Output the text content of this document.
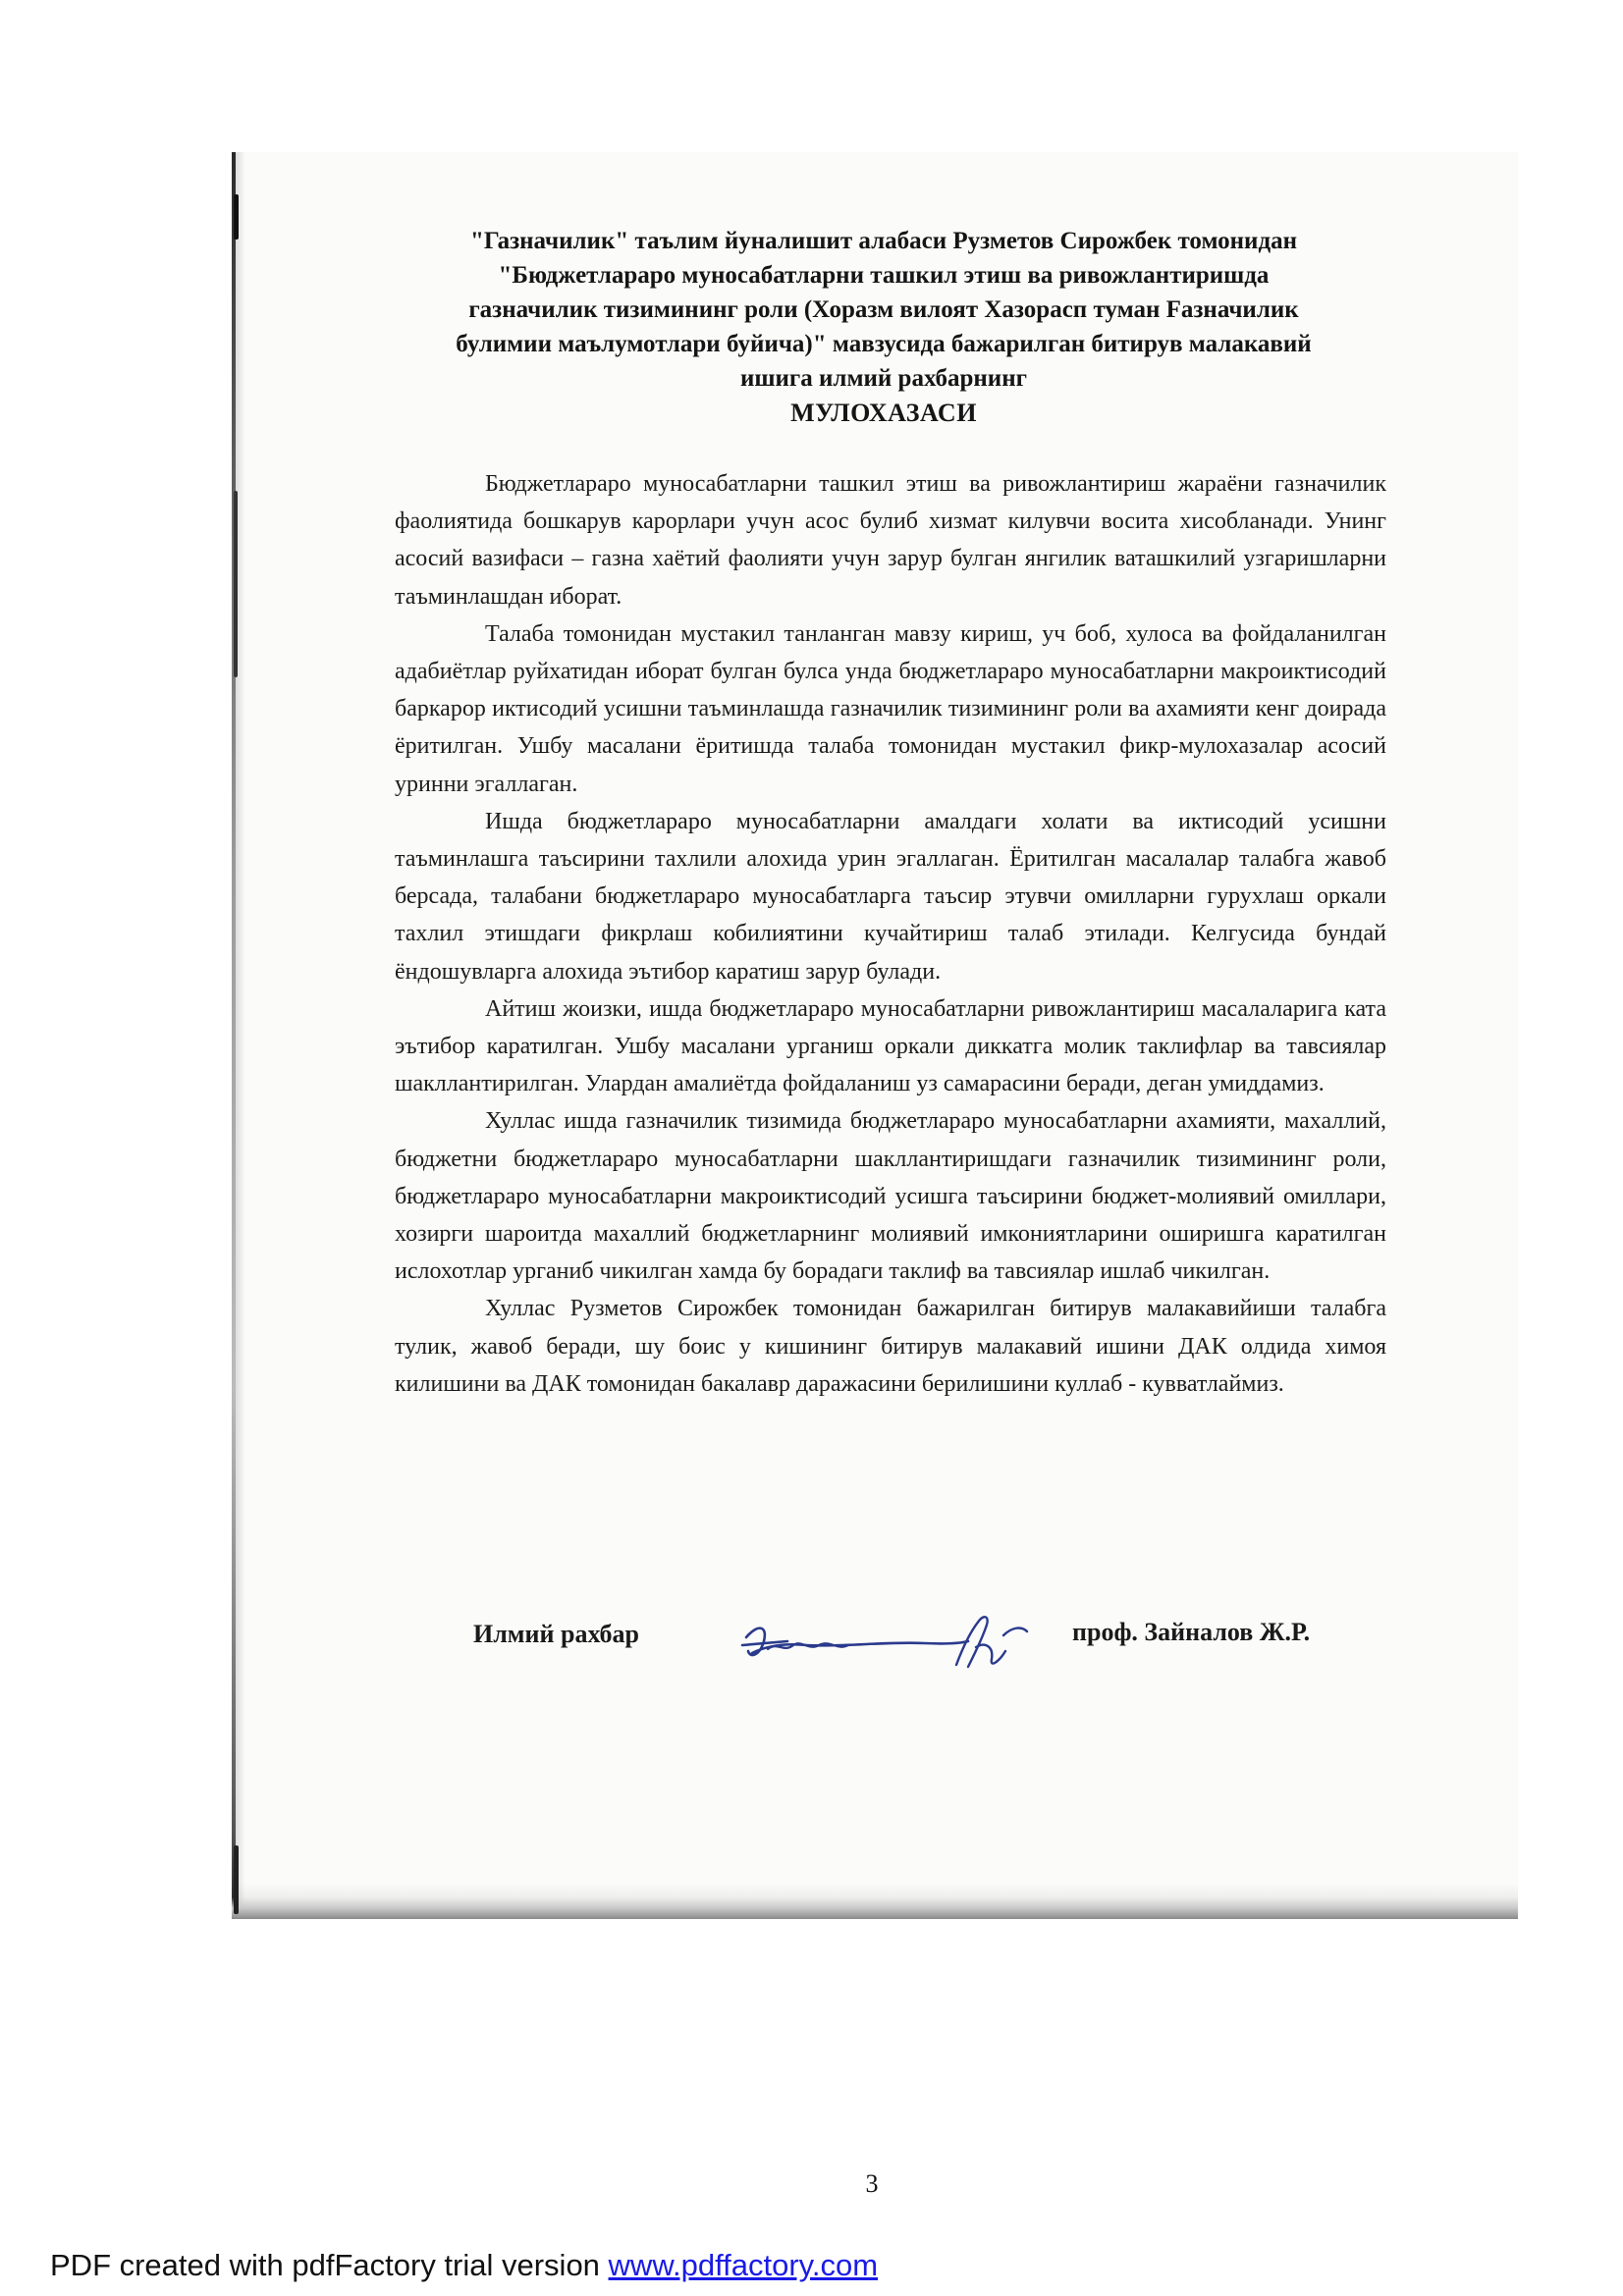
"Газначилик" таълим йуналишит алабаси Рузметов Сирожбек томонидан
"Бюджетлараро муносабатларни ташкил этиш ва ривожлантиришда
газначилик тизимининг роли (Хоразм вилоят Хазорасп туман Fазначилик
булимии маълумотлари буйича)" мавзусида бажарилган битирув малакавий
ишига илмий рахбарнинг
МУЛОХАЗАСИ

Бюджетлараро муносабатларни ташкил этиш ва ривожлантириш жараёни газначилик фаолиятида бошкарув карорлари учун асос булиб хизмат килувчи восита хисобланади. Унинг асосий вазифаси – газна хаётий фаолияти учун зарур булган янгилик ваташкилий узгаришларни таъминлашдан иборат.

Талаба томонидан мустакил танланган мавзу кириш, уч боб, хулоса ва фойдаланилган адабиётлар руйхатидан иборат булган булса унда бюджетлараро муносабатларни макроиктисодий баркарор иктисодий усишни таъминлашда газначилик тизимининг роли ва ахамияти кенг доирада ёритилган. Ушбу масалани ёритишда талаба томонидан мустакил фикр-мулохазалар асосий уринни эгаллаган.

Ишда бюджетлараро муносабатларни амалдаги холати ва иктисодий усишни таъминлашга таъсирини тахлили алохида урин эгаллаган. Ёритилган масалалар талабга жавоб берсада, талабани бюджетлараро муносабатларга таъсир этувчи омилларни гурухлаш оркали тахлил этишдаги фикрлаш кобилиятини кучайтириш талаб этилади. Келгусида бундай ёндошувларга алохида эътибор каратиш зарур булади.

Айтиш жоизки, ишда бюджетлараро муносабатларни ривожлантириш масалаларига ката эътибор каратилган. Ушбу масалани урганиш оркали диккатга молик таклифлар ва тавсиялар шакллантирилган. Улардан амалиётда фойдаланиш уз самарасини беради, деган умиддамиз.

Хуллас ишда газначилик тизимида бюджетлараро муносабатларни ахамияти, махаллий, бюджетни бюджетлараро муносабатларни шакллантиришдаги газначилик тизимининг роли, бюджетлараро муносабатларни макроиктисодий усишга таъсирини бюджет-молиявий омиллари, хозирги шароитда махаллий бюджетларнинг молиявий имкониятларини оширишга каратилган ислохотлар урганиб чикилган хамда бу борадаги таклиф ва тавсиялар ишлаб чикилган.

Хуллас Рузметов Сирожбек томонидан бажарилган битирув малакавийиши талабга тулик, жавоб беради, шу боис у кишининг битирув малакавий ишини ДАК олдида химоя килишини ва ДАК томонидан бакалавр даражасини берилишини куллаб - кувватлаймиз.

Илмий рахбар	проф. Зайналов Ж.Р.
3
PDF created with pdfFactory trial version www.pdffactory.com
